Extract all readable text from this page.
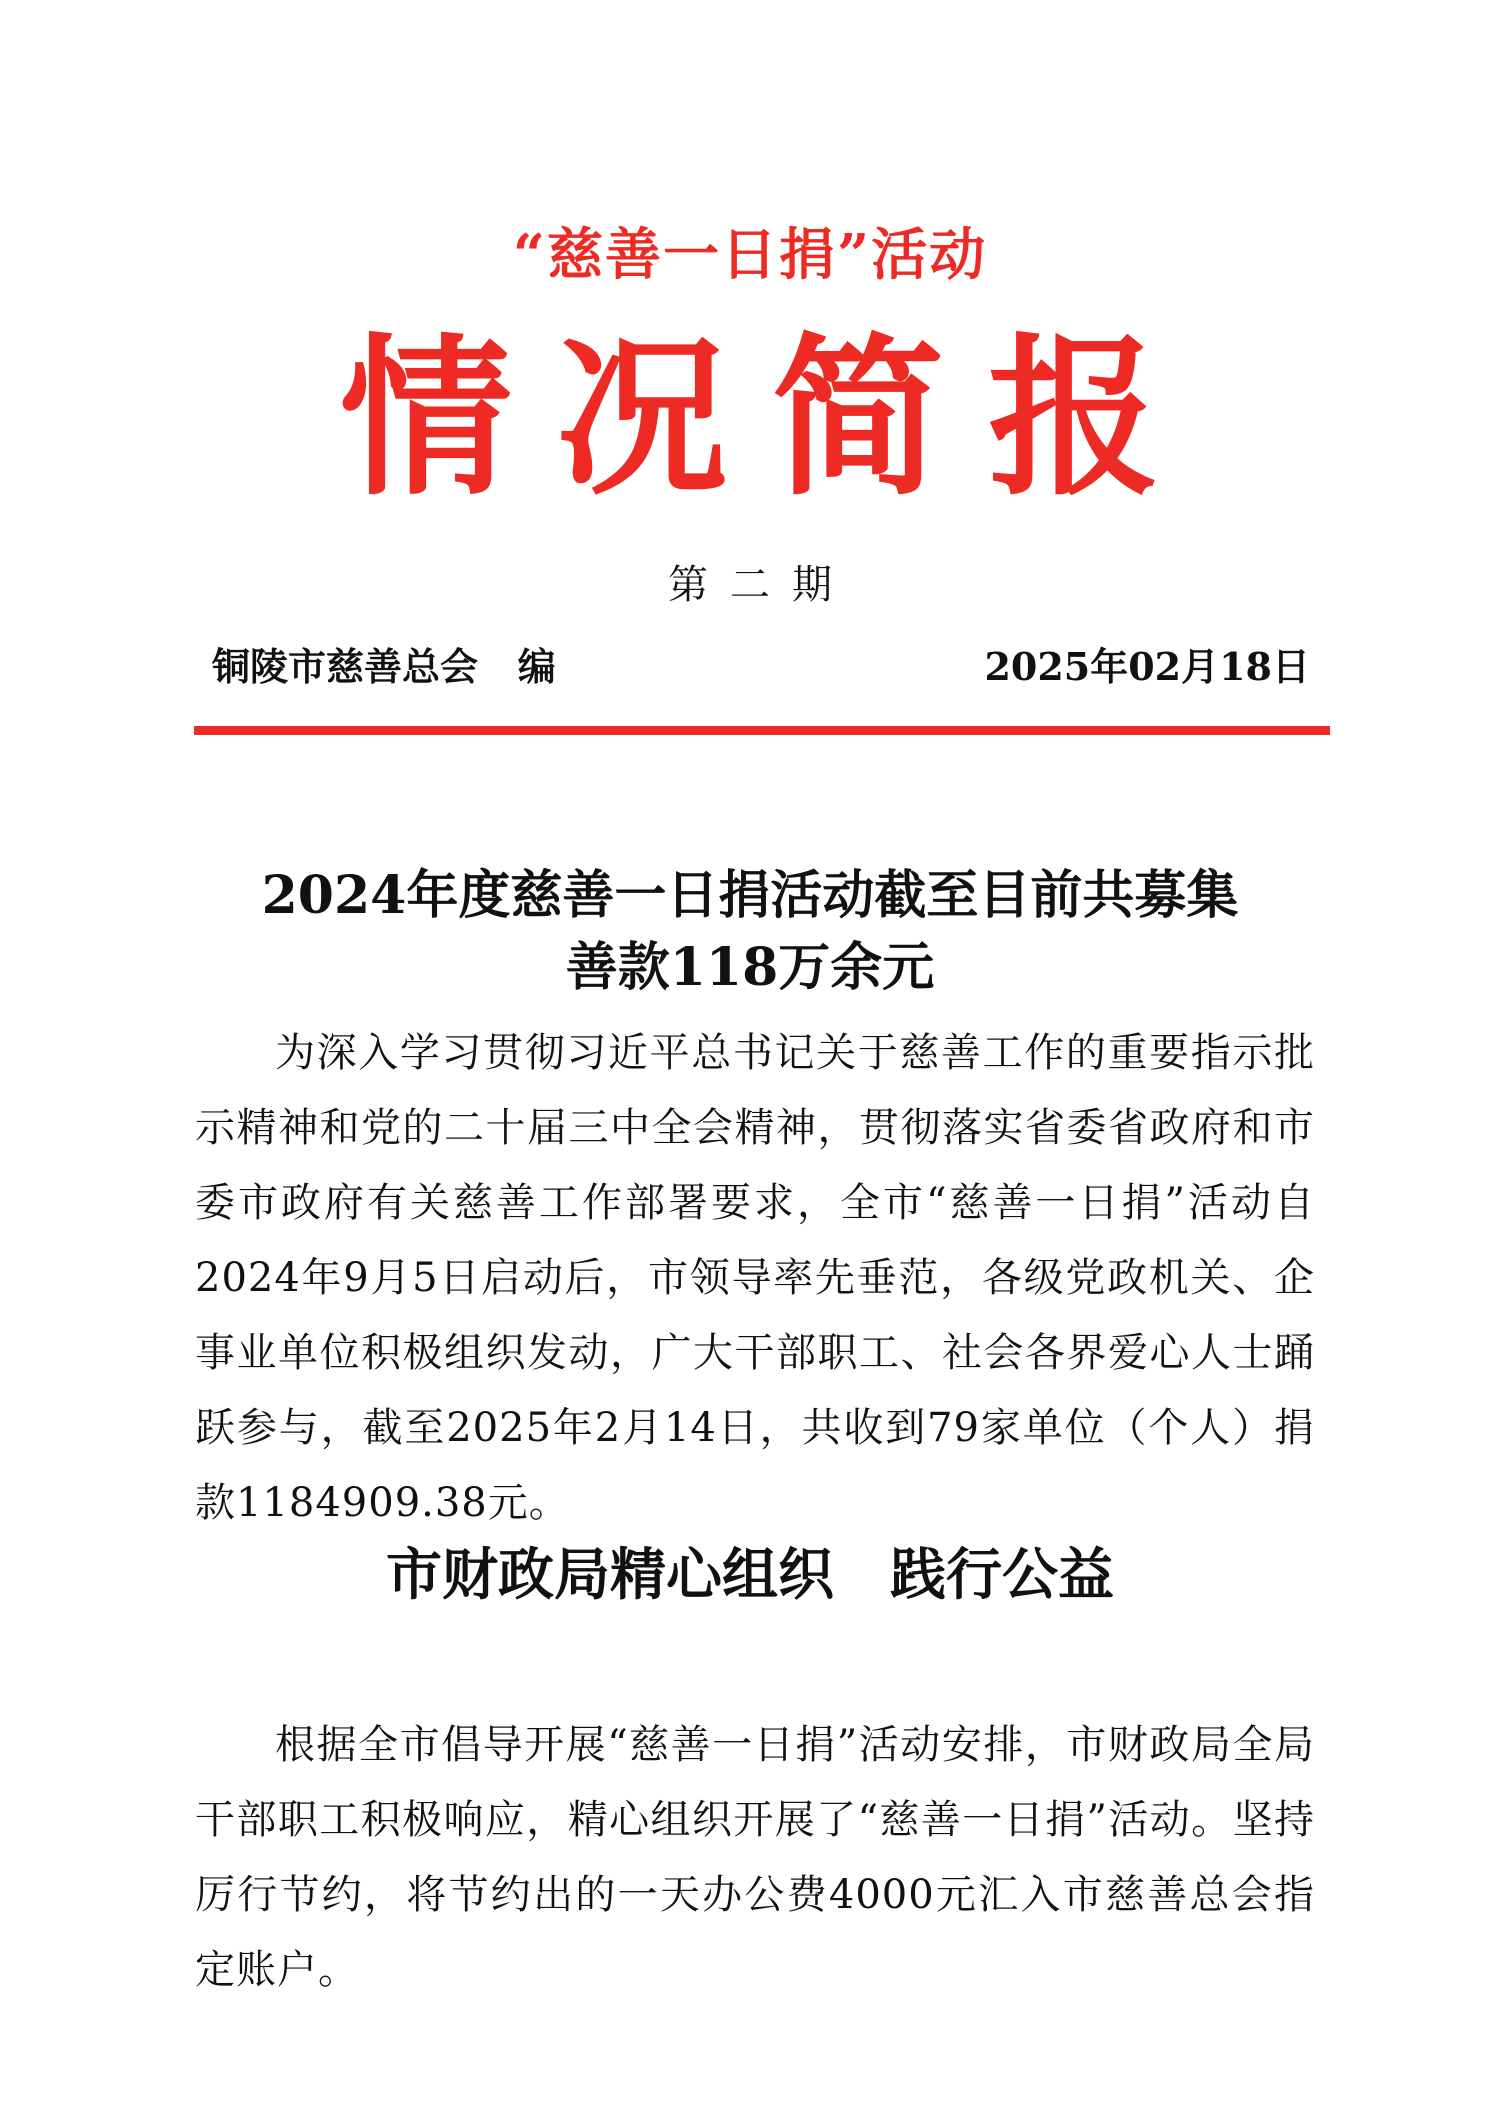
“慈善一日捐”活动
情况简报
第二期
铜陵市慈善总会   编	2025年02月18日
2024年度慈善一日捐活动截至目前共募集
善款118万余元
为深入学习贯彻习近平总书记关于慈善工作的重要指示批示精神和党的二十届三中全会精神，贯彻落实省委省政府和市委市政府有关慈善工作部署要求，全市“慈善一日捐”活动自2024年9月5日启动后，市领导率先垂范，各级党政机关、企事业单位积极组织发动，广大干部职工、社会各界爱心人士踊跃参与，截至2025年2月14日，共收到79家单位（个人）捐款1184909.38元。
市财政局精心组织　践行公益
根据全市倡导开展“慈善一日捐”活动安排，市财政局全局干部职工积极响应，精心组织开展了“慈善一日捐”活动。坚持厉行节约，将节约出的一天办公费4000元汇入市慈善总会指定账户。
